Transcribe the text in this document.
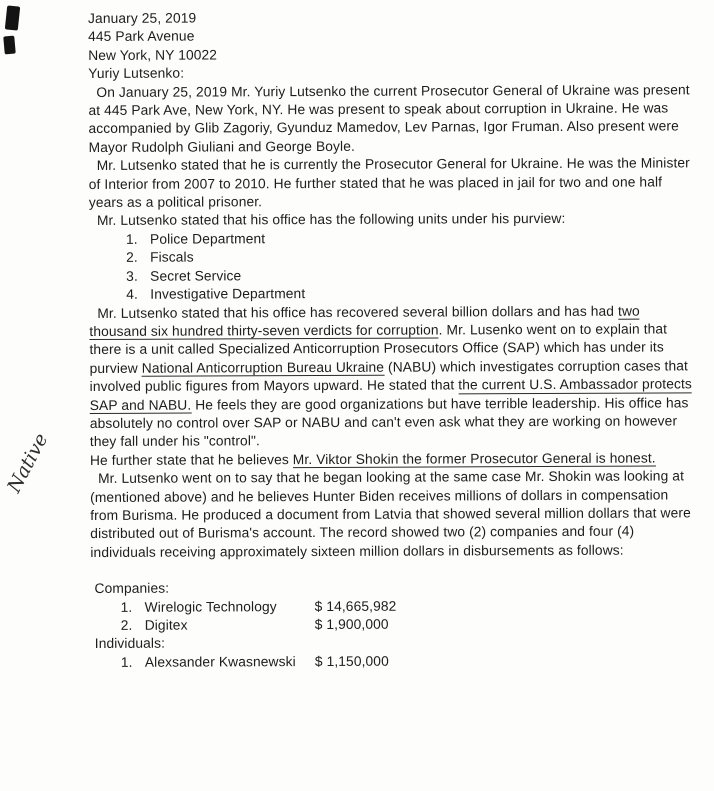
Native
January 25, 2019
445 Park Avenue
New York, NY 10022

Yuriy Lutsenko:

On January 25, 2019 Mr. Yuriy Lutsenko the current Prosecutor General of Ukraine was present at 445 Park Ave, New York, NY. He was present to speak about corruption in Ukraine. He was accompanied by Glib Zagoriy, Gyunduz Mamedov, Lev Parnas, Igor Fruman. Also present were Mayor Rudolph Giuliani and George Boyle.

Mr. Lutsenko stated that he is currently the Prosecutor General for Ukraine. He was the Minister of Interior from 2007 to 2010. He further stated that he was placed in jail for two and one half years as a political prisoner.

Mr. Lutsenko stated that his office has the following units under his purview:

1. Police Department
2. Fiscals
3. Secret Service
4. Investigative Department

Mr. Lutsenko stated that his office has recovered several billion dollars and has had two thousand six hundred thirty-seven verdicts for corruption. Mr. Lusenko went on to explain that there is a unit called Specialized Anticorruption Prosecutors Office (SAP) which has under its purview National Anticorruption Bureau Ukraine (NABU) which investigates corruption cases that involved public figures from Mayors upward. He stated that the current U.S. Ambassador protects SAP and NABU. He feels they are good organizations but have terrible leadership. His office has absolutely no control over SAP or NABU and can't even ask what they are working on however they fall under his "control".

He further state that he believes Mr. Viktor Shokin the former Prosecutor General is honest.

Mr. Lutsenko went on to say that he began looking at the same case Mr. Shokin was looking at (mentioned above) and he believes Hunter Biden receives millions of dollars in compensation from Burisma. He produced a document from Latvia that showed several million dollars that were distributed out of Burisma's account. The record showed two (2) companies and four (4) individuals receiving approximately sixteen million dollars in disbursements as follows:

Companies:
1. Wirelogic Technology	$ 14,665,982
2. Digitex	$ 1,900,000
Individuals:
1. Alexsander Kwasnewski	$ 1,150,000
